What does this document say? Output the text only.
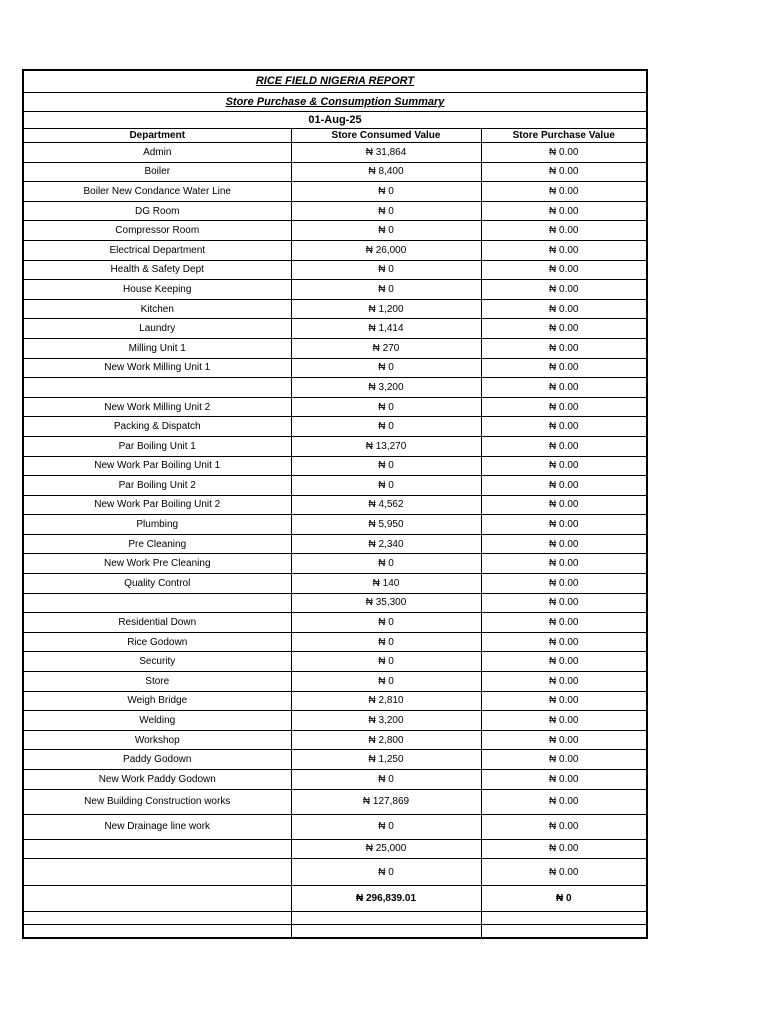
RICE FIELD NIGERIA REPORT
Store Purchase & Consumption Summary
01-Aug-25
Department	Store Consumed Value	Store Purchase Value
Admin	₦ 31,864	₦ 0.00
Boiler	₦ 8,400	₦ 0.00
Boiler New Condance Water Line	₦ 0	₦ 0.00
DG Room	₦ 0	₦ 0.00
Compressor Room	₦ 0	₦ 0.00
Electrical Department	₦ 26,000	₦ 0.00
Health & Safety Dept	₦ 0	₦ 0.00
House Keeping	₦ 0	₦ 0.00
Kitchen	₦ 1,200	₦ 0.00
Laundry	₦ 1,414	₦ 0.00
Milling Unit 1	₦ 270	₦ 0.00
New Work Milling Unit 1	₦ 0	₦ 0.00
	₦ 3,200	₦ 0.00
New Work Milling Unit 2	₦ 0	₦ 0.00
Packing & Dispatch	₦ 0	₦ 0.00
Par Boiling Unit 1	₦ 13,270	₦ 0.00
New Work Par Boiling Unit 1	₦ 0	₦ 0.00
Par Boiling Unit 2	₦ 0	₦ 0.00
New Work Par Boiling Unit 2	₦ 4,562	₦ 0.00
Plumbing	₦ 5,950	₦ 0.00
Pre Cleaning	₦ 2,340	₦ 0.00
New Work Pre Cleaning	₦ 0	₦ 0.00
Quality Control	₦ 140	₦ 0.00
	₦ 35,300	₦ 0.00
Residential Down	₦ 0	₦ 0.00
Rice Godown	₦ 0	₦ 0.00
Security	₦ 0	₦ 0.00
Store	₦ 0	₦ 0.00
Weigh Bridge	₦ 2,810	₦ 0.00
Welding	₦ 3,200	₦ 0.00
Workshop	₦ 2,800	₦ 0.00
Paddy Godown	₦ 1,250	₦ 0.00
New Work Paddy Godown	₦ 0	₦ 0.00
New Building Construction works	₦ 127,869	₦ 0.00
New Drainage line work	₦ 0	₦ 0.00
	₦ 25,000	₦ 0.00
	₦ 0	₦ 0.00
	₦ 296,839.01	₦ 0
